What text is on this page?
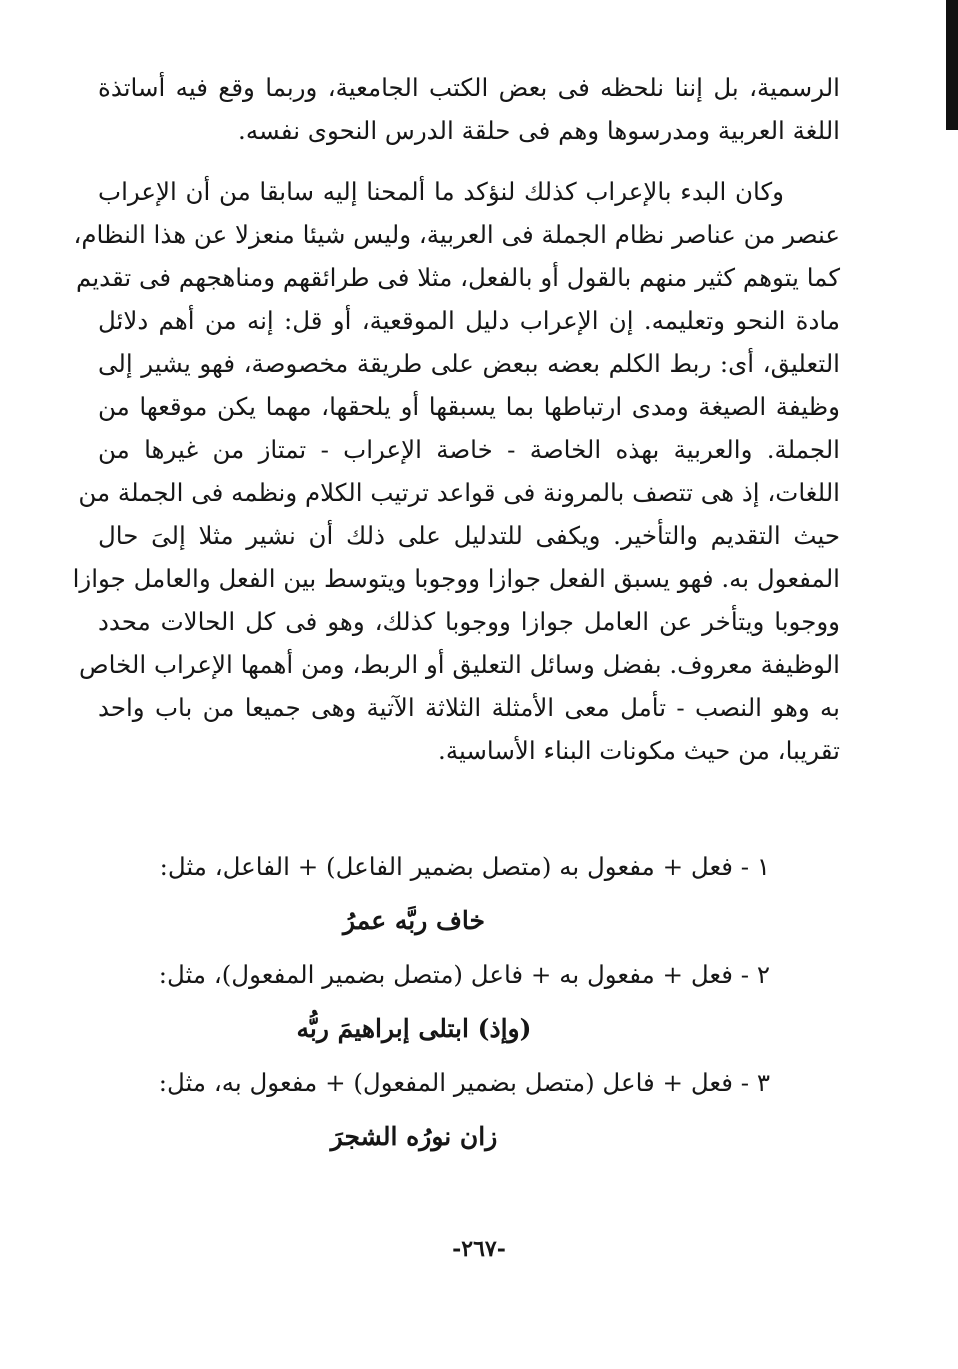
الرسمية، بل إننا نلحظه فى بعض الكتب الجامعية، وربما وقع فيه أساتذة
اللغة العربية ومدرسوها وهم فى حلقة الدرس النحوى نفسه.
وكان البدء بالإعراب كذلك لنؤكد ما ألمحنا إليه سابقا من أن الإعراب
عنصر من عناصر نظام الجملة فى العربية، وليس شيئا منعزلا عن هذا النظام،
كما يتوهم كثير منهم بالقول أو بالفعل، مثلا فى طرائقهم ومناهجهم فى تقديم
مادة النحو وتعليمه. إن الإعراب دليل الموقعية، أو قل: إنه من أهم دلائل
التعليق، أى: ربط الكلم بعضه ببعض على طريقة مخصوصة، فهو يشير إلى
وظيفة الصيغة ومدى ارتباطها بما يسبقها أو يلحقها، مهما يكن موقعها من
الجملة. والعربية بهذه الخاصة - خاصة الإعراب - تمتاز من غيرها من
اللغات، إذ هى تتصف بالمرونة فى قواعد ترتيب الكلام ونظمه فى الجملة من
حيث التقديم والتأخير. ويكفى للتدليل على ذلك أن نشير مثلا إلىَ حال
المفعول به. فهو يسبق الفعل جوازا ووجوبا ويتوسط بين الفعل والعامل جوازا
ووجوبا ويتأخر عن العامل جوازا ووجوبا كذلك، وهو فى كل الحالات محدد
الوظيفة معروف. بفضل وسائل التعليق أو الربط، ومن أهمها الإعراب الخاص
به وهو النصب - تأمل معى الأمثلة الثلاثة الآتية وهى جميعا من باب واحد
تقريبا، من حيث مكونات البناء الأساسية.
١ - فعل + مفعول به (متصل بضمير الفاعل) + الفاعل، مثل:
خاف ربَّه عمرُ
٢ - فعل + مفعول به + فاعل (متصل بضمير المفعول)، مثل:
(وإذ) ابتلى إبراهيمَ ربُّه
٣ - فعل + فاعل (متصل بضمير المفعول) + مفعول به، مثل:
زان نورُه الشجرَ
-٢٦٧-
